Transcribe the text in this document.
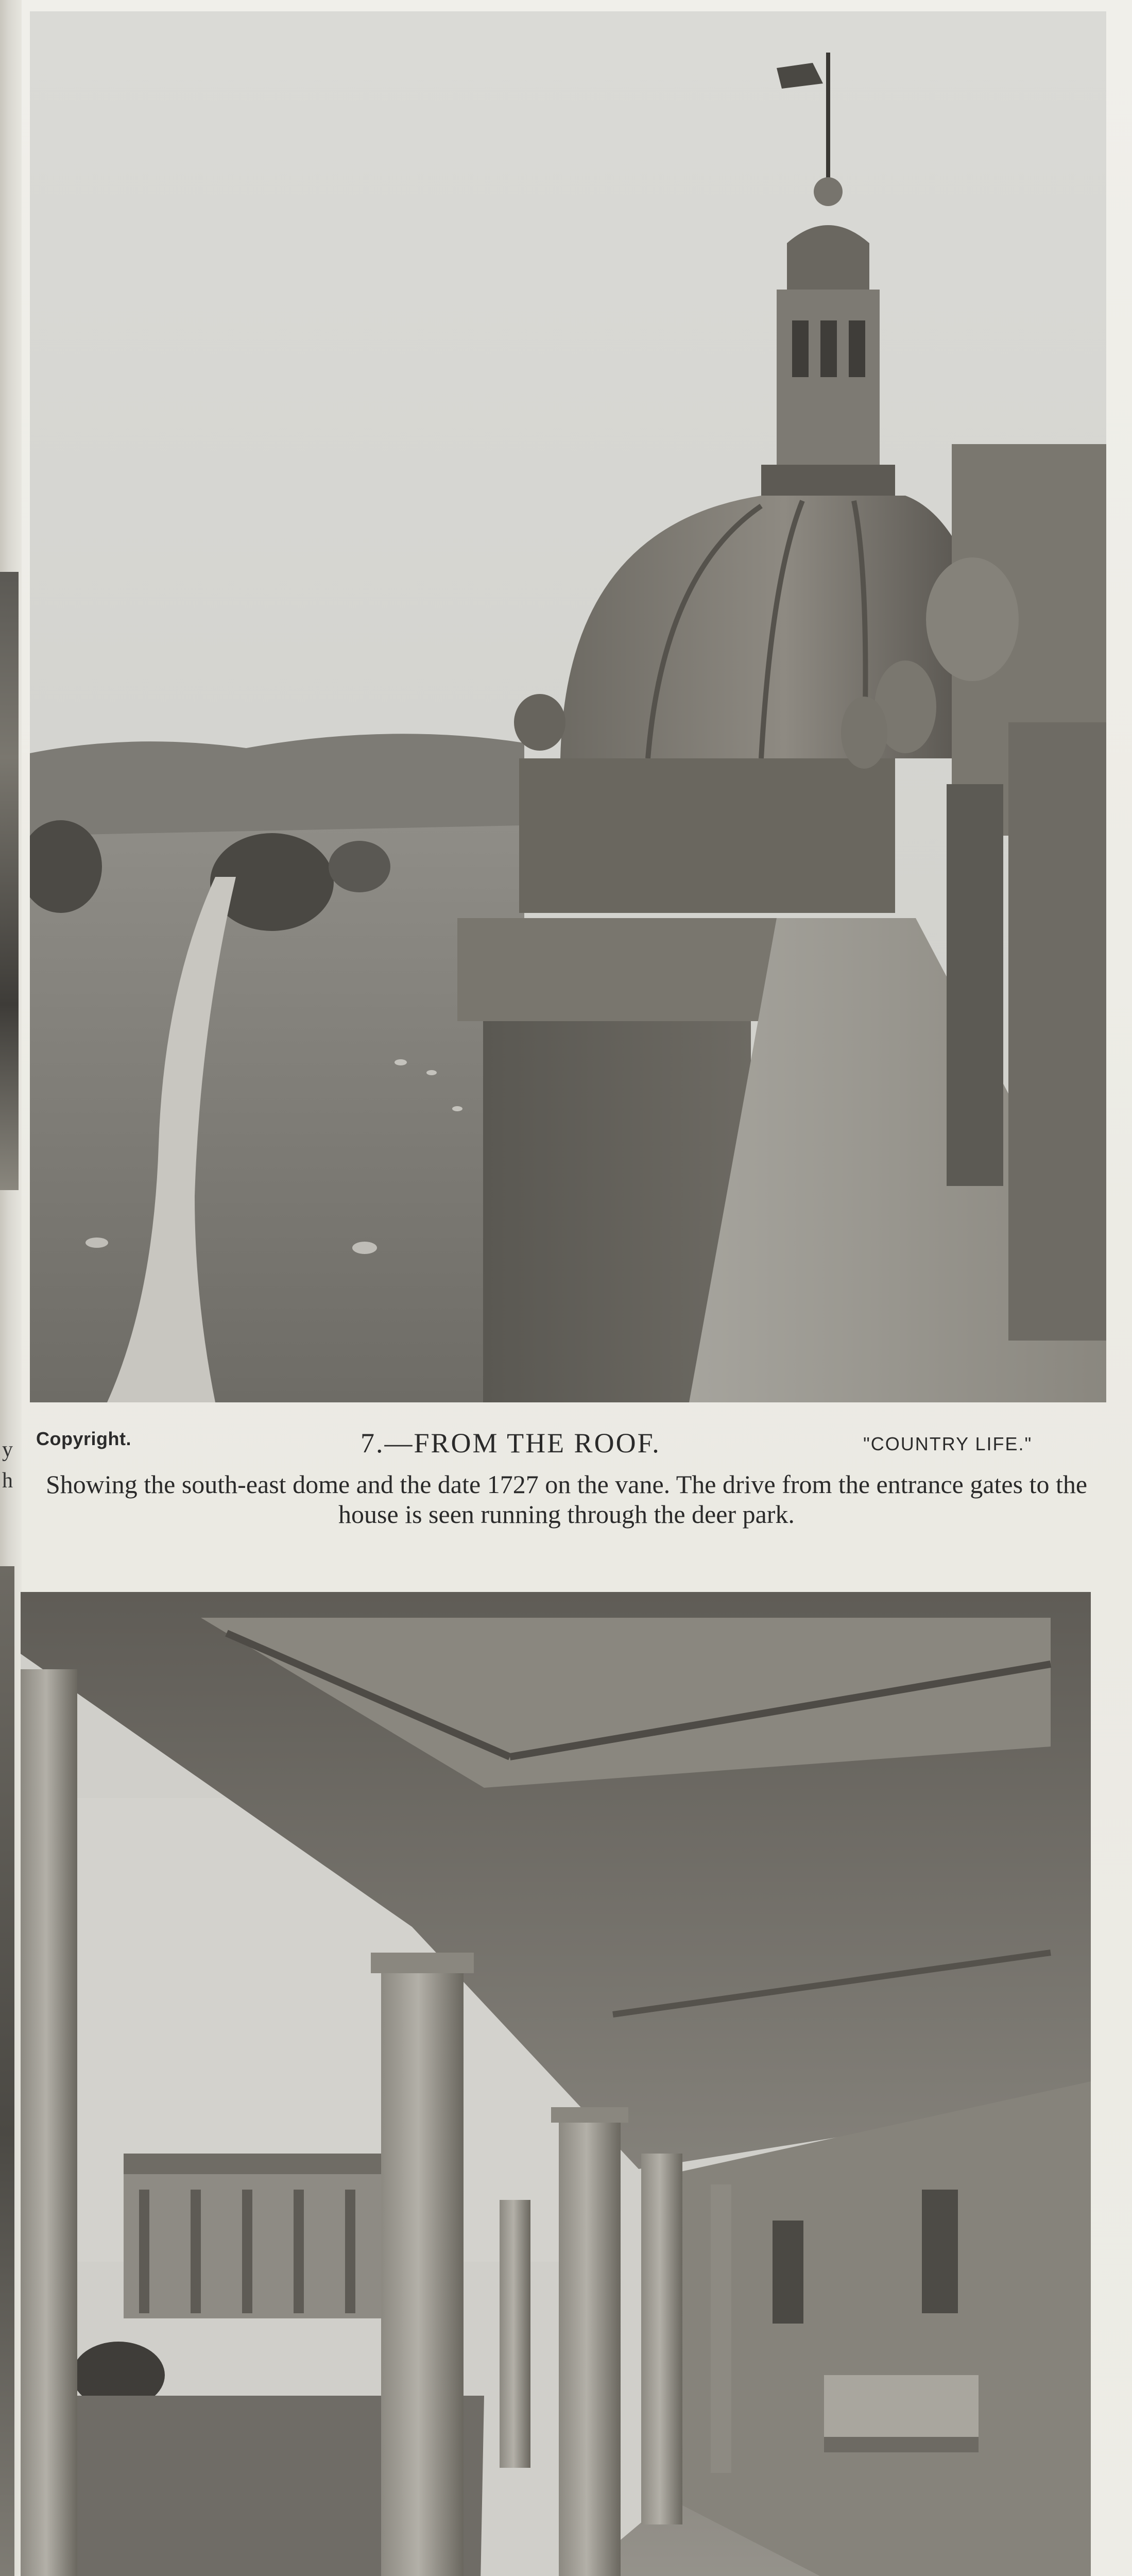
y
h
Copyright.	7.—FROM THE ROOF.	"COUNTRY LIFE."
Showing the south-east dome and the date 1727 on the vane. The drive from the entrance gates to the house is seen running through the deer park.
